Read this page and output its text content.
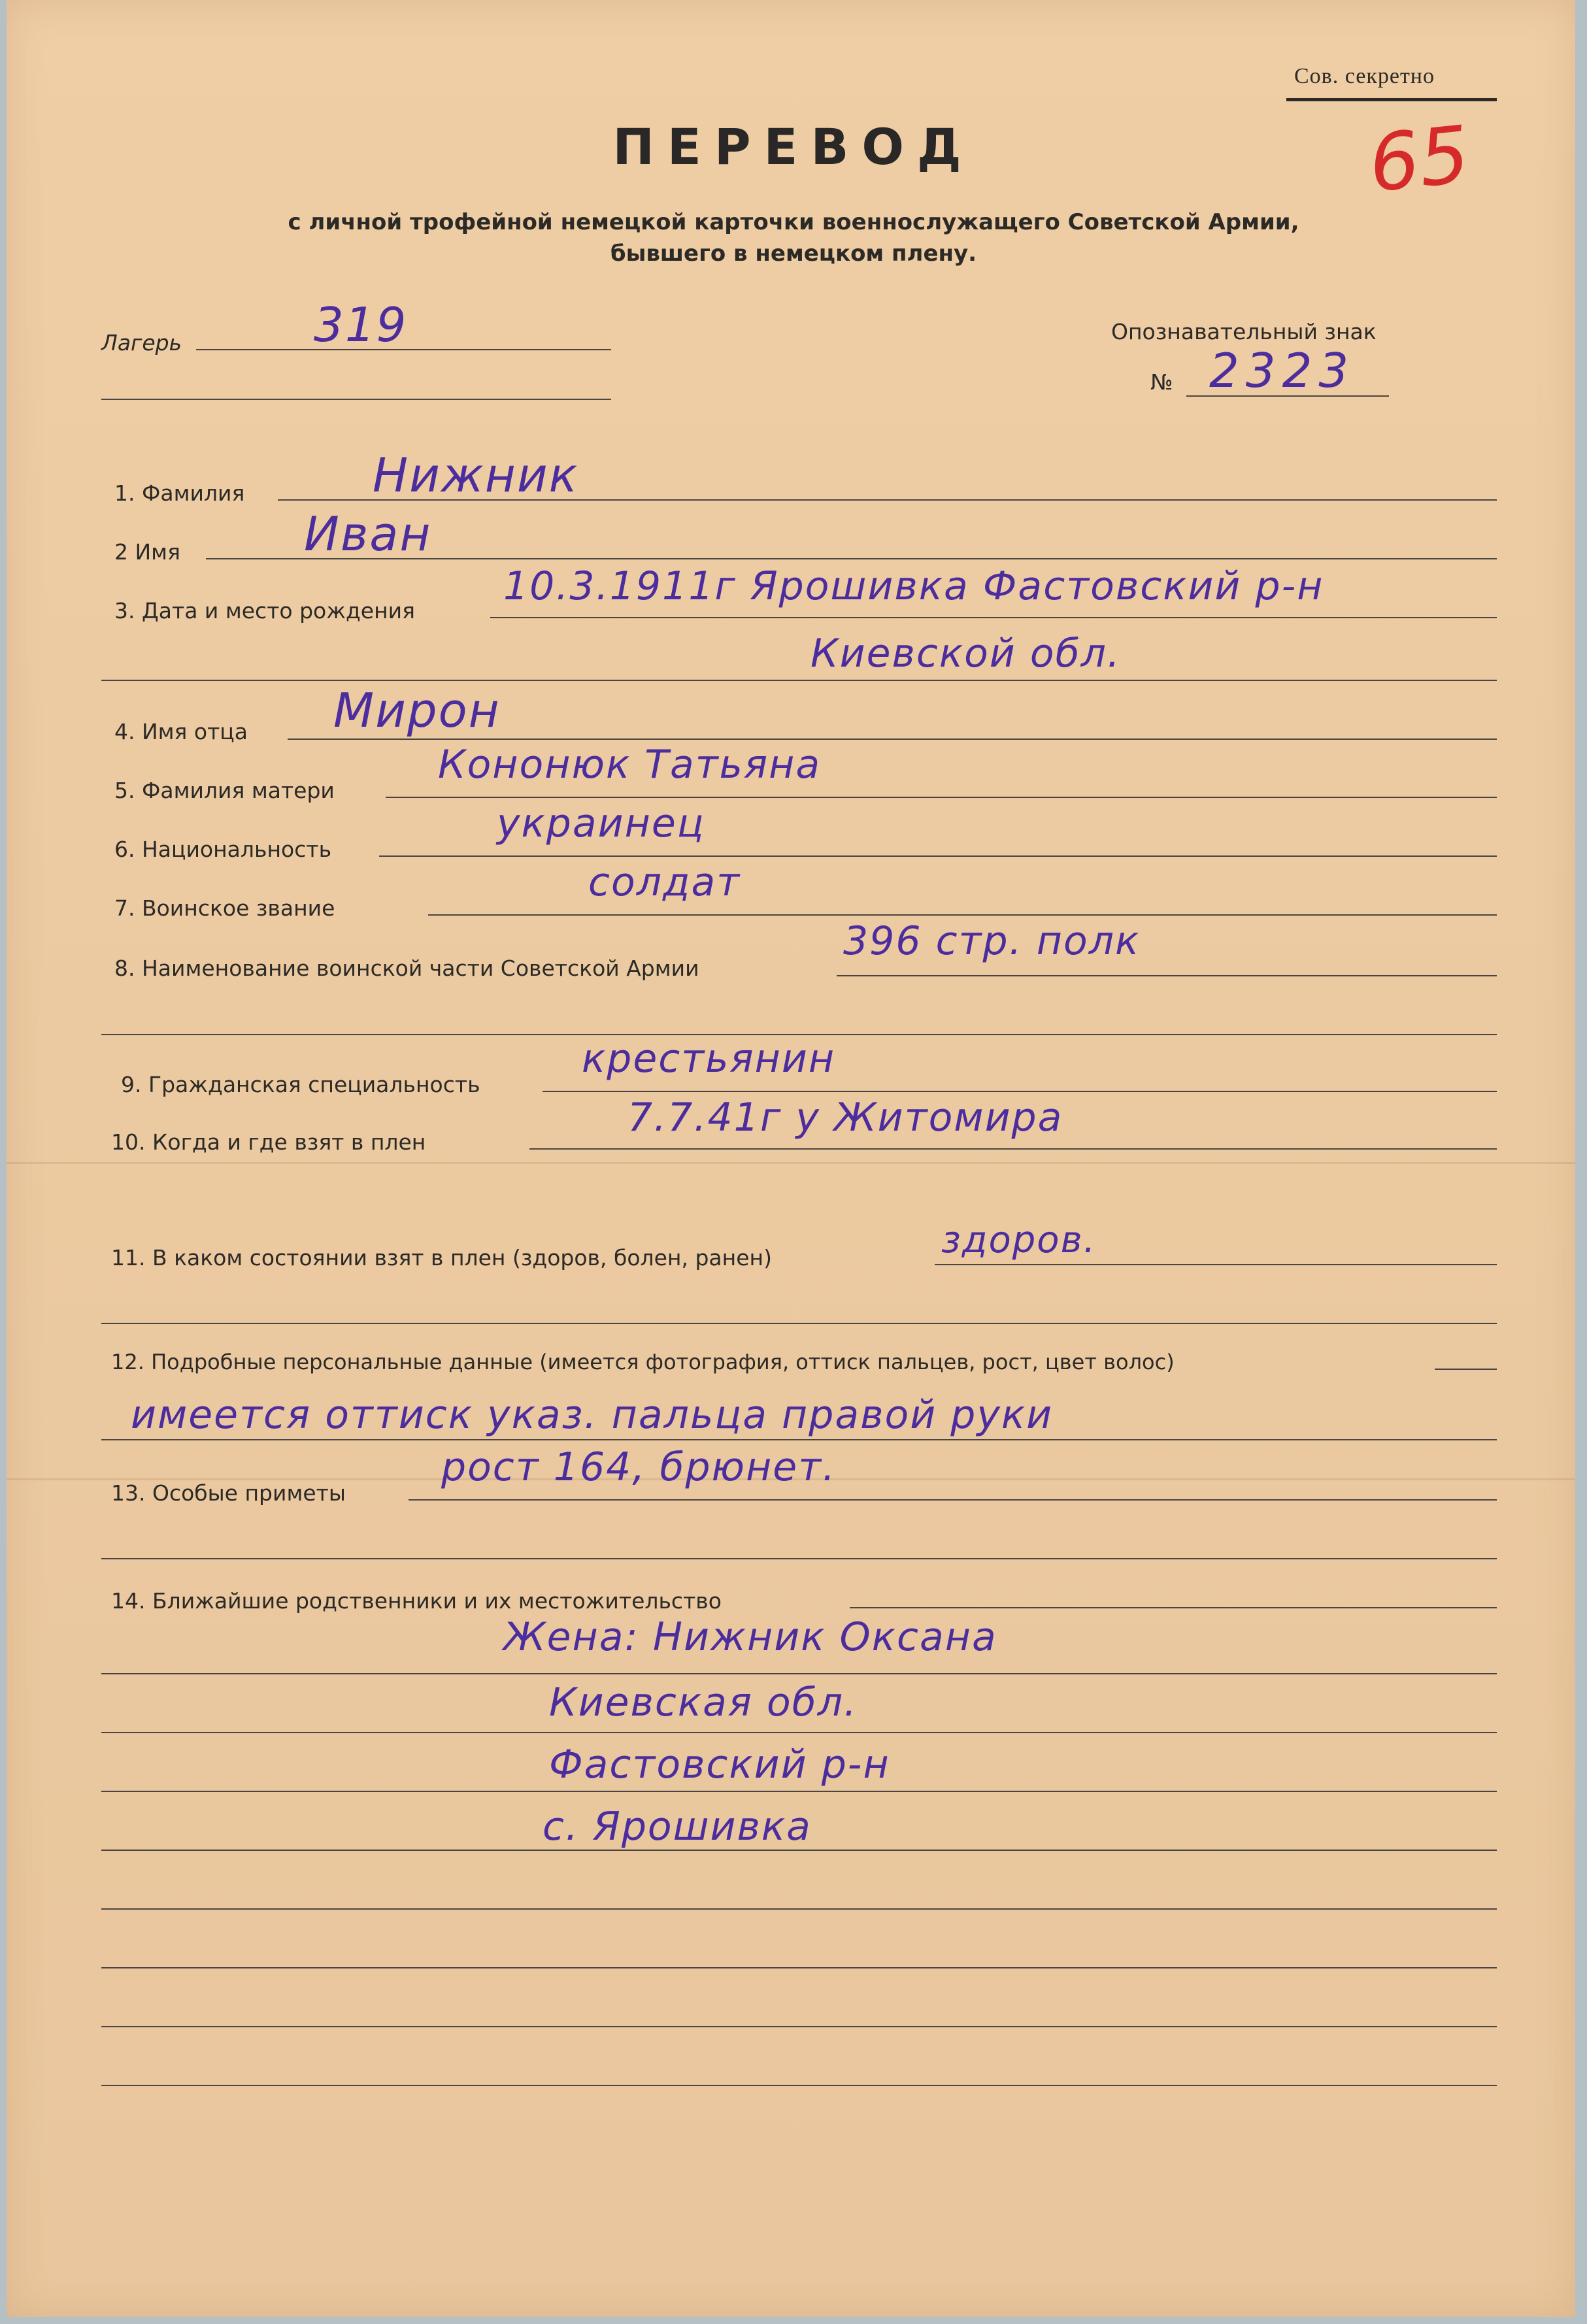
Сов. секретно
65
ПЕРЕВОД
с личной трофейной немецкой карточки военнослужащего Советской Армии,
бывшего в немецком плену.
Лагерь	319	Опознавательный знак
№ 2323
1. Фамилия	Нижник
2 Имя	Иван
3. Дата и место рождения
10.3.1911г Ярошивка Фастовский р-н
Киевской обл.
4. Имя отца Мирон
5. Фамилия матери
Кононюк Татьяна
6. Национальность
украинец
7. Воинское звание
солдат
8. Наименование воинской части Советской Армии
396 стр. полк
9. Гражданская специальность
крестьянин
10. Когда и где взят в плен
7.7.41г у Житомира
11. В каком состоянии взят в плен (здоров, болен, ранен)	здоров.
12. Подробные персональные данные (имеется фотография, оттиск пальцев, рост, цвет волос)
имеется оттиск указ. пальца правой руки
13. Особые приметы
рост 164, брюнет.
14. Ближайшие родственники и их местожительство
Жена: Нижник Оксана
Киевская обл.
Фастовский р-н
с. Ярошивка
